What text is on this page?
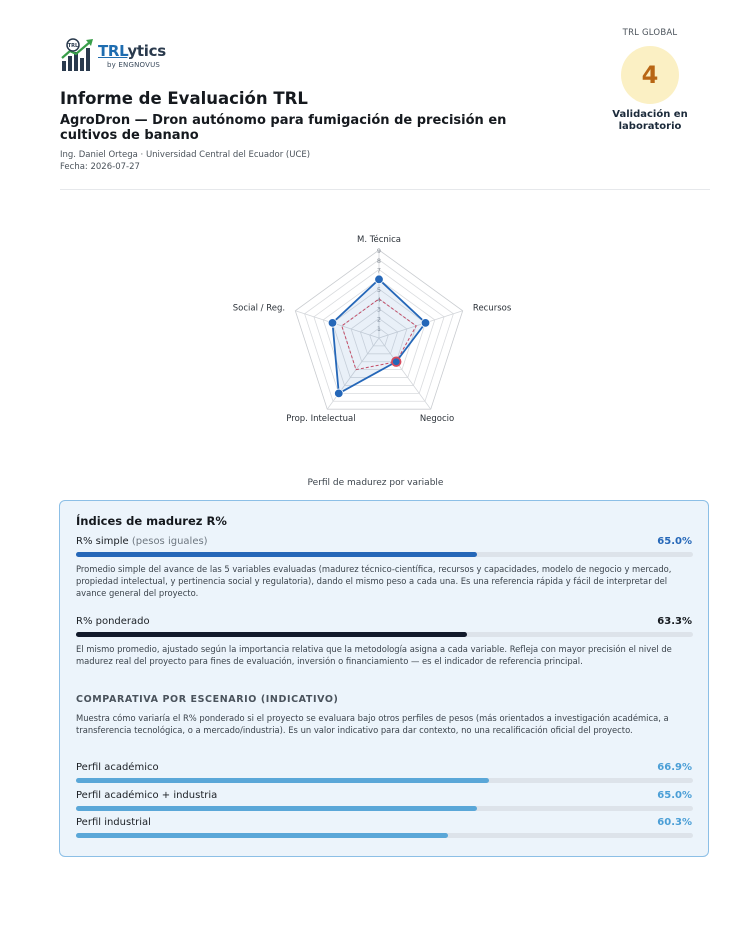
TRL TRLytics
by ENGNOVUS
Informe de Evaluación TRL
AgroDron — Dron autónomo para fumigación de precisión en cultivos de banano
Ing. Daniel Ortega · Universidad Central del Ecuador (UCE)
Fecha: 2026-07-27
TRL GLOBAL
4
Validación en laboratorio
M. Técnica
Recursos
Negocio
Prop. Intelectual
Social / Reg.
7
8
9
Perfil de madurez por variable
Índices de madurez R%
R% simple (pesos iguales)	65.0%
Promedio simple del avance de las 5 variables evaluadas (madurez técnico-científica, recursos y capacidades, modelo de negocio y mercado, propiedad intelectual, y pertinencia social y regulatoria), dando el mismo peso a cada una. Es una referencia rápida y fácil de interpretar del avance general del proyecto.
R% ponderado	63.3%
El mismo promedio, ajustado según la importancia relativa que la metodología asigna a cada variable. Refleja con mayor precisión el nivel de madurez real del proyecto para fines de evaluación, inversión o financiamiento — es el indicador de referencia principal.
COMPARATIVA POR ESCENARIO (INDICATIVO)
Muestra cómo variaría el R% ponderado si el proyecto se evaluara bajo otros perfiles de pesos (más orientados a investigación académica, a transferencia tecnológica, o a mercado/industria). Es un valor indicativo para dar contexto, no una recalificación oficial del proyecto.
Perfil académico	66.9%
Perfil académico + industria	65.0%
Perfil industrial	60.3%
